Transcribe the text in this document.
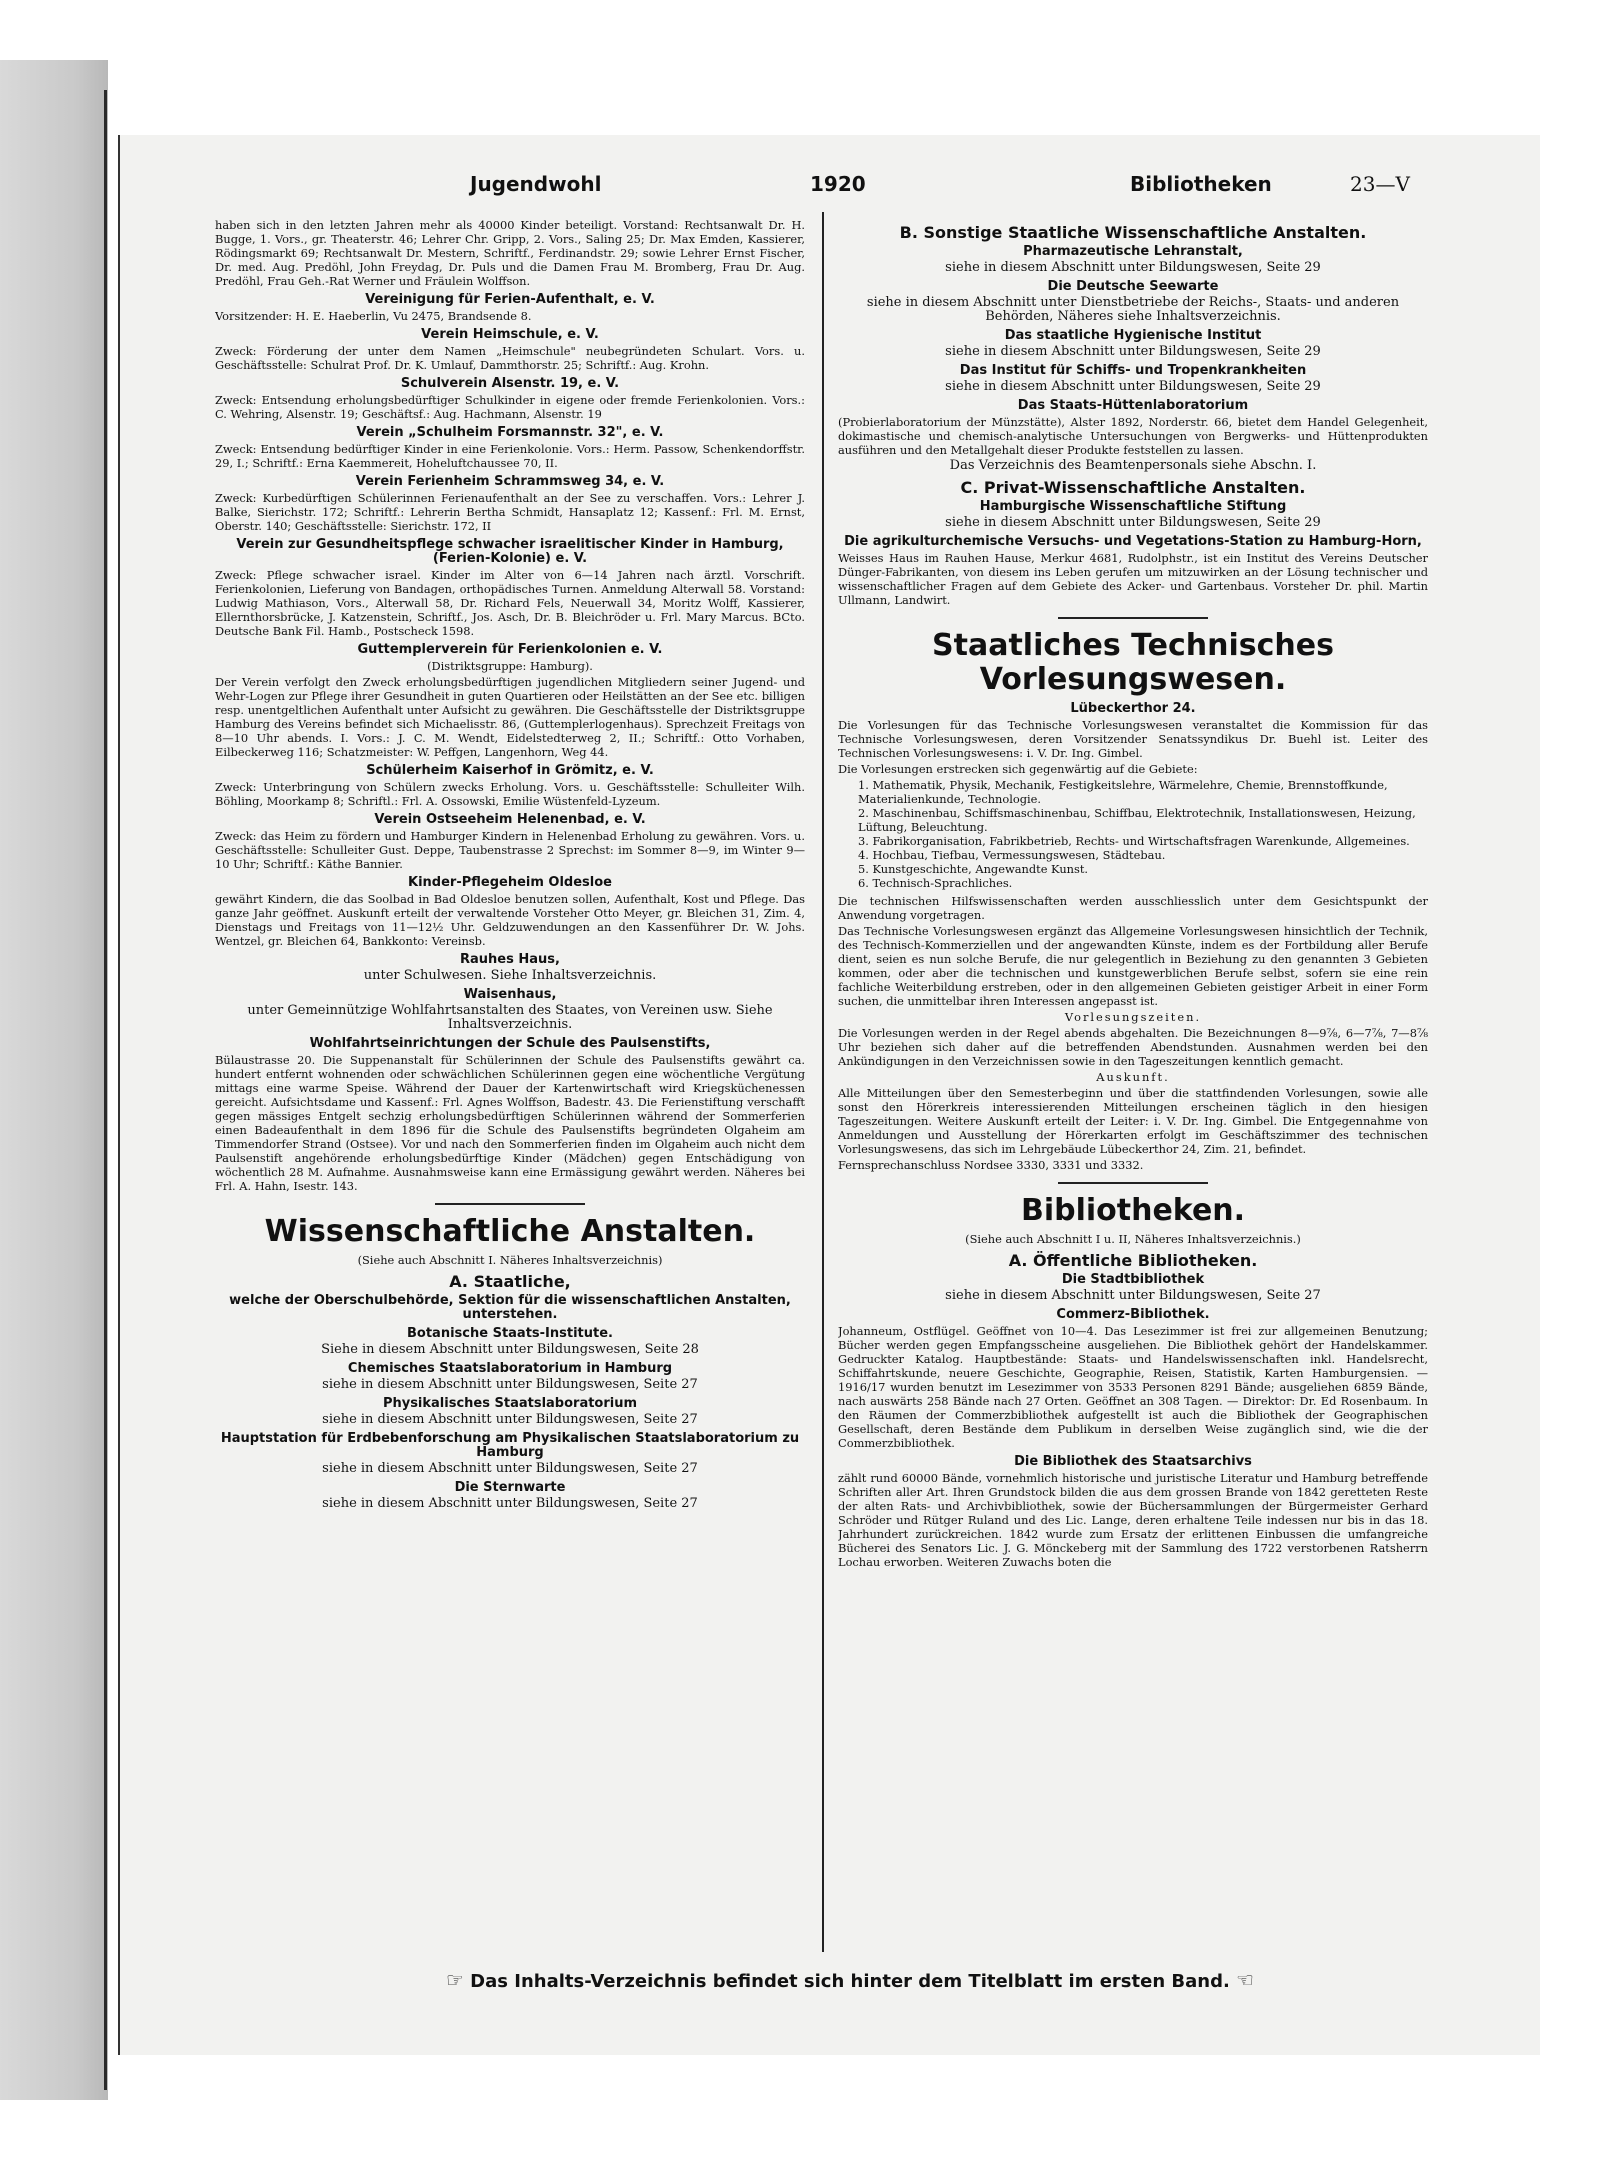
Jugendwohl	1920	Bibliotheken	23—V

haben sich in den letzten Jahren mehr als 40000 Kinder beteiligt. Vorstand: Rechtsanwalt Dr. H. Bugge, 1. Vors., gr. Theaterstr. 46; Lehrer Chr. Gripp, 2. Vors., Saling 25; Dr. Max Emden, Kassierer, Rödingsmarkt 69; Rechtsanwalt Dr. Mestern, Schriftf., Ferdinandstr. 29; sowie Lehrer Ernst Fischer, Dr. med. Aug. Predöhl, John Freydag, Dr. Puls und die Damen Frau M. Bromberg, Frau Dr. Aug. Predöhl, Frau Geh.-Rat Werner und Fräulein Wolffson.

Vereinigung für Ferien-Aufenthalt, e. V.

Vorsitzender: H. E. Haeberlin, Vu 2475, Brandsende 8.

Verein Heimschule, e. V.

Zweck: Förderung der unter dem Namen „Heimschule" neubegründeten Schulart. Vors. u. Geschäftsstelle: Schulrat Prof. Dr. K. Umlauf, Dammthorstr. 25; Schriftf.: Aug. Krohn.

Schulverein Alsenstr. 19, e. V.

Zweck: Entsendung erholungsbedürftiger Schulkinder in eigene oder fremde Ferienkolonien. Vors.: C. Wehring, Alsenstr. 19; Geschäftsf.: Aug. Hachmann, Alsenstr. 19

Verein „Schulheim Forsmannstr. 32", e. V.

Zweck: Entsendung bedürftiger Kinder in eine Ferienkolonie. Vors.: Herm. Passow, Schenkendorffstr. 29, I.; Schriftf.: Erna Kaemmereit, Hoheluftchaussee 70, II.

Verein Ferienheim Schrammsweg 34, e. V.

Zweck: Kurbedürftigen Schülerinnen Ferienaufenthalt an der See zu verschaffen. Vors.: Lehrer J. Balke, Sierichstr. 172; Schriftf.: Lehrerin Bertha Schmidt, Hansaplatz 12; Kassenf.: Frl. M. Ernst, Oberstr. 140; Geschäftsstelle: Sierichstr. 172, II

Verein zur Gesundheitspflege schwacher israelitischer Kinder in Hamburg, (Ferien-Kolonie) e. V.

Zweck: Pflege schwacher israel. Kinder im Alter von 6—14 Jahren nach ärztl. Vorschrift. Ferienkolonien, Lieferung von Bandagen, orthopädisches Turnen. Anmeldung Alterwall 58. Vorstand: Ludwig Mathiason, Vors., Alterwall 58, Dr. Richard Fels, Neuerwall 34, Moritz Wolff, Kassierer, Ellernthorsbrücke, J. Katzenstein, Schriftf., Jos. Asch, Dr. B. Bleichröder u. Frl. Mary Marcus. BCto. Deutsche Bank Fil. Hamb., Postscheck 1598.

Guttemplerverein für Ferienkolonien e. V.

(Distriktsgruppe: Hamburg).

Der Verein verfolgt den Zweck erholungsbedürftigen jugendlichen Mitgliedern seiner Jugend- und Wehr-Logen zur Pflege ihrer Gesundheit in guten Quartieren oder Heilstätten an der See etc. billigen resp. unentgeltlichen Aufenthalt unter Aufsicht zu gewähren. Die Geschäftsstelle der Distriktsgruppe Hamburg des Vereins befindet sich Michaelisstr. 86, (Guttemplerlogenhaus). Sprechzeit Freitags von 8—10 Uhr abends. I. Vors.: J. C. M. Wendt, Eidelstedterweg 2, II.; Schriftf.: Otto Vorhaben, Eilbeckerweg 116; Schatzmeister: W. Peffgen, Langenhorn, Weg 44.

Schülerheim Kaiserhof in Grömitz, e. V.

Zweck: Unterbringung von Schülern zwecks Erholung. Vors. u. Geschäftsstelle: Schulleiter Wilh. Böhling, Moorkamp 8; Schriftl.: Frl. A. Ossowski, Emilie Wüstenfeld-Lyzeum.

Verein Ostseeheim Helenenbad, e. V.

Zweck: das Heim zu fördern und Hamburger Kindern in Helenenbad Erholung zu gewähren. Vors. u. Geschäftsstelle: Schulleiter Gust. Deppe, Taubenstrasse 2 Sprechst: im Sommer 8—9, im Winter 9—10 Uhr; Schriftf.: Käthe Bannier.

Kinder-Pflegeheim Oldesloe

gewährt Kindern, die das Soolbad in Bad Oldesloe benutzen sollen, Aufenthalt, Kost und Pflege. Das ganze Jahr geöffnet. Auskunft erteilt der verwaltende Vorsteher Otto Meyer, gr. Bleichen 31, Zim. 4, Dienstags und Freitags von 11—12½ Uhr. Geldzuwendungen an den Kassenführer Dr. W. Johs. Wentzel, gr. Bleichen 64, Bankkonto: Vereinsb.

Rauhes Haus,

unter Schulwesen. Siehe Inhaltsverzeichnis.

Waisenhaus,

unter Gemeinnützige Wohlfahrtsanstalten des Staates, von Vereinen usw. Siehe Inhaltsverzeichnis.

Wohlfahrtseinrichtungen der Schule des Paulsenstifts,

Bülaustrasse 20. Die Suppenanstalt für Schülerinnen der Schule des Paulsenstifts gewährt ca. hundert entfernt wohnenden oder schwächlichen Schülerinnen gegen eine wöchentliche Vergütung mittags eine warme Speise. Während der Dauer der Kartenwirtschaft wird Kriegsküchenessen gereicht. Aufsichtsdame und Kassenf.: Frl. Agnes Wolffson, Badestr. 43. Die Ferienstiftung verschafft gegen mässiges Entgelt sechzig erholungsbedürftigen Schülerinnen während der Sommerferien einen Badeaufenthalt in dem 1896 für die Schule des Paulsenstifts begründeten Olgaheim am Timmendorfer Strand (Ostsee). Vor und nach den Sommerferien finden im Olgaheim auch nicht dem Paulsenstift angehörende erholungsbedürftige Kinder (Mädchen) gegen Entschädigung von wöchentlich 28 M. Aufnahme. Ausnahmsweise kann eine Ermässigung gewährt werden. Näheres bei Frl. A. Hahn, Isestr. 143.

Wissenschaftliche Anstalten.

(Siehe auch Abschnitt I. Näheres Inhaltsverzeichnis)

A. Staatliche,
welche der Oberschulbehörde, Sektion für die wissenschaftlichen Anstalten, unterstehen.
Botanische Staats-Institute.

Siehe in diesem Abschnitt unter Bildungswesen, Seite 28

Chemisches Staatslaboratorium in Hamburg

siehe in diesem Abschnitt unter Bildungswesen, Seite 27

Physikalisches Staatslaboratorium

siehe in diesem Abschnitt unter Bildungswesen, Seite 27

Hauptstation für Erdbebenforschung am Physikalischen Staatslaboratorium zu Hamburg

siehe in diesem Abschnitt unter Bildungswesen, Seite 27

Die Sternwarte

siehe in diesem Abschnitt unter Bildungswesen, Seite 27

B. Sonstige Staatliche Wissenschaftliche Anstalten.
Pharmazeutische Lehranstalt,

siehe in diesem Abschnitt unter Bildungswesen, Seite 29

Die Deutsche Seewarte

siehe in diesem Abschnitt unter Dienstbetriebe der Reichs-, Staats- und anderen Behörden, Näheres siehe Inhaltsverzeichnis.

Das staatliche Hygienische Institut

siehe in diesem Abschnitt unter Bildungswesen, Seite 29

Das Institut für Schiffs- und Tropenkrankheiten

siehe in diesem Abschnitt unter Bildungswesen, Seite 29

Das Staats-Hüttenlaboratorium

(Probierlaboratorium der Münzstätte), Alster 1892, Norderstr. 66, bietet dem Handel Gelegenheit, dokimastische und chemisch-analytische Untersuchungen von Bergwerks- und Hüttenprodukten ausführen und den Metallgehalt dieser Produkte feststellen zu lassen.

Das Verzeichnis des Beamtenpersonals siehe Abschn. I.

C. Privat-Wissenschaftliche Anstalten.
Hamburgische Wissenschaftliche Stiftung

siehe in diesem Abschnitt unter Bildungswesen, Seite 29

Die agrikulturchemische Versuchs- und Vegetations-Station zu Hamburg-Horn,

Weisses Haus im Rauhen Hause, Merkur 4681, Rudolphstr., ist ein Institut des Vereins Deutscher Dünger-Fabrikanten, von diesem ins Leben gerufen um mitzuwirken an der Lösung technischer und wissenschaftlicher Fragen auf dem Gebiete des Acker- und Gartenbaus. Vorsteher Dr. phil. Martin Ullmann, Landwirt.

Staatliches Technisches Vorlesungswesen.
Lübeckerthor 24.

Die Vorlesungen für das Technische Vorlesungswesen veranstaltet die Kommission für das Technische Vorlesungswesen, deren Vorsitzender Senatssyndikus Dr. Buehl ist. Leiter des Technischen Vorlesungswesens: i. V. Dr. Ing. Gimbel.

Die Vorlesungen erstrecken sich gegenwärtig auf die Gebiete:

1. Mathematik, Physik, Mechanik, Festigkeitslehre, Wärmelehre, Chemie, Brennstoffkunde, Materialienkunde, Technologie.
2. Maschinenbau, Schiffsmaschinenbau, Schiffbau, Elektrotechnik, Installationswesen, Heizung, Lüftung, Beleuchtung.
3. Fabrikorganisation, Fabrikbetrieb, Rechts- und Wirtschaftsfragen Warenkunde, Allgemeines.
4. Hochbau, Tiefbau, Vermessungswesen, Städtebau.
5. Kunstgeschichte, Angewandte Kunst.
6. Technisch-Sprachliches.

Die technischen Hilfswissenschaften werden ausschliesslich unter dem Gesichtspunkt der Anwendung vorgetragen.

Das Technische Vorlesungswesen ergänzt das Allgemeine Vorlesungswesen hinsichtlich der Technik, des Technisch-Kommerziellen und der angewandten Künste, indem es der Fortbildung aller Berufe dient, seien es nun solche Berufe, die nur gelegentlich in Beziehung zu den genannten 3 Gebieten kommen, oder aber die technischen und kunstgewerblichen Berufe selbst, sofern sie eine rein fachliche Weiterbildung erstreben, oder in den allgemeinen Gebieten geistiger Arbeit in einer Form suchen, die unmittelbar ihren Interessen angepasst ist.

Vorlesungszeiten.

Die Vorlesungen werden in der Regel abends abgehalten. Die Bezeichnungen 8—9⅞, 6—7⅞, 7—8⅞ Uhr beziehen sich daher auf die betreffenden Abendstunden. Ausnahmen werden bei den Ankündigungen in den Verzeichnissen sowie in den Tageszeitungen kenntlich gemacht.

Auskunft.

Alle Mitteilungen über den Semesterbeginn und über die stattfindenden Vorlesungen, sowie alle sonst den Hörerkreis interessierenden Mitteilungen erscheinen täglich in den hiesigen Tageszeitungen. Weitere Auskunft erteilt der Leiter: i. V. Dr. Ing. Gimbel. Die Entgegennahme von Anmeldungen und Ausstellung der Hörerkarten erfolgt im Geschäftszimmer des technischen Vorlesungswesens, das sich im Lehrgebäude Lübeckerthor 24, Zim. 21, befindet.

Fernsprechanschluss Nordsee 3330, 3331 und 3332.

Bibliotheken.

(Siehe auch Abschnitt I u. II, Näheres Inhaltsverzeichnis.)

A. Öffentliche Bibliotheken.
Die Stadtbibliothek

siehe in diesem Abschnitt unter Bildungswesen, Seite 27

Commerz-Bibliothek.

Johanneum, Ostflügel. Geöffnet von 10—4. Das Lesezimmer ist frei zur allgemeinen Benutzung; Bücher werden gegen Empfangsscheine ausgeliehen. Die Bibliothek gehört der Handelskammer. Gedruckter Katalog. Hauptbestände: Staats- und Handelswissenschaften inkl. Handelsrecht, Schiffahrtskunde, neuere Geschichte, Geographie, Reisen, Statistik, Karten Hamburgensien. — 1916/17 wurden benutzt im Lesezimmer von 3533 Personen 8291 Bände; ausgeliehen 6859 Bände, nach auswärts 258 Bände nach 27 Orten. Geöffnet an 308 Tagen. — Direktor: Dr. Ed Rosenbaum. In den Räumen der Commerzbibliothek aufgestellt ist auch die Bibliothek der Geographischen Gesellschaft, deren Bestände dem Publikum in derselben Weise zugänglich sind, wie die der Commerzbibliothek.

Die Bibliothek des Staatsarchivs

zählt rund 60000 Bände, vornehmlich historische und juristische Literatur und Hamburg betreffende Schriften aller Art. Ihren Grundstock bilden die aus dem grossen Brande von 1842 geretteten Reste der alten Rats- und Archivbibliothek, sowie der Büchersammlungen der Bürgermeister Gerhard Schröder und Rütger Ruland und des Lic. Lange, deren erhaltene Teile indessen nur bis in das 18. Jahrhundert zurückreichen. 1842 wurde zum Ersatz der erlittenen Einbussen die umfangreiche Bücherei des Senators Lic. J. G. Mönckeberg mit der Sammlung des 1722 verstorbenen Ratsherrn Lochau erworben. Weiteren Zuwachs boten die

☞ Das Inhalts-Verzeichnis befindet sich hinter dem Titelblatt im ersten Band. ☜
